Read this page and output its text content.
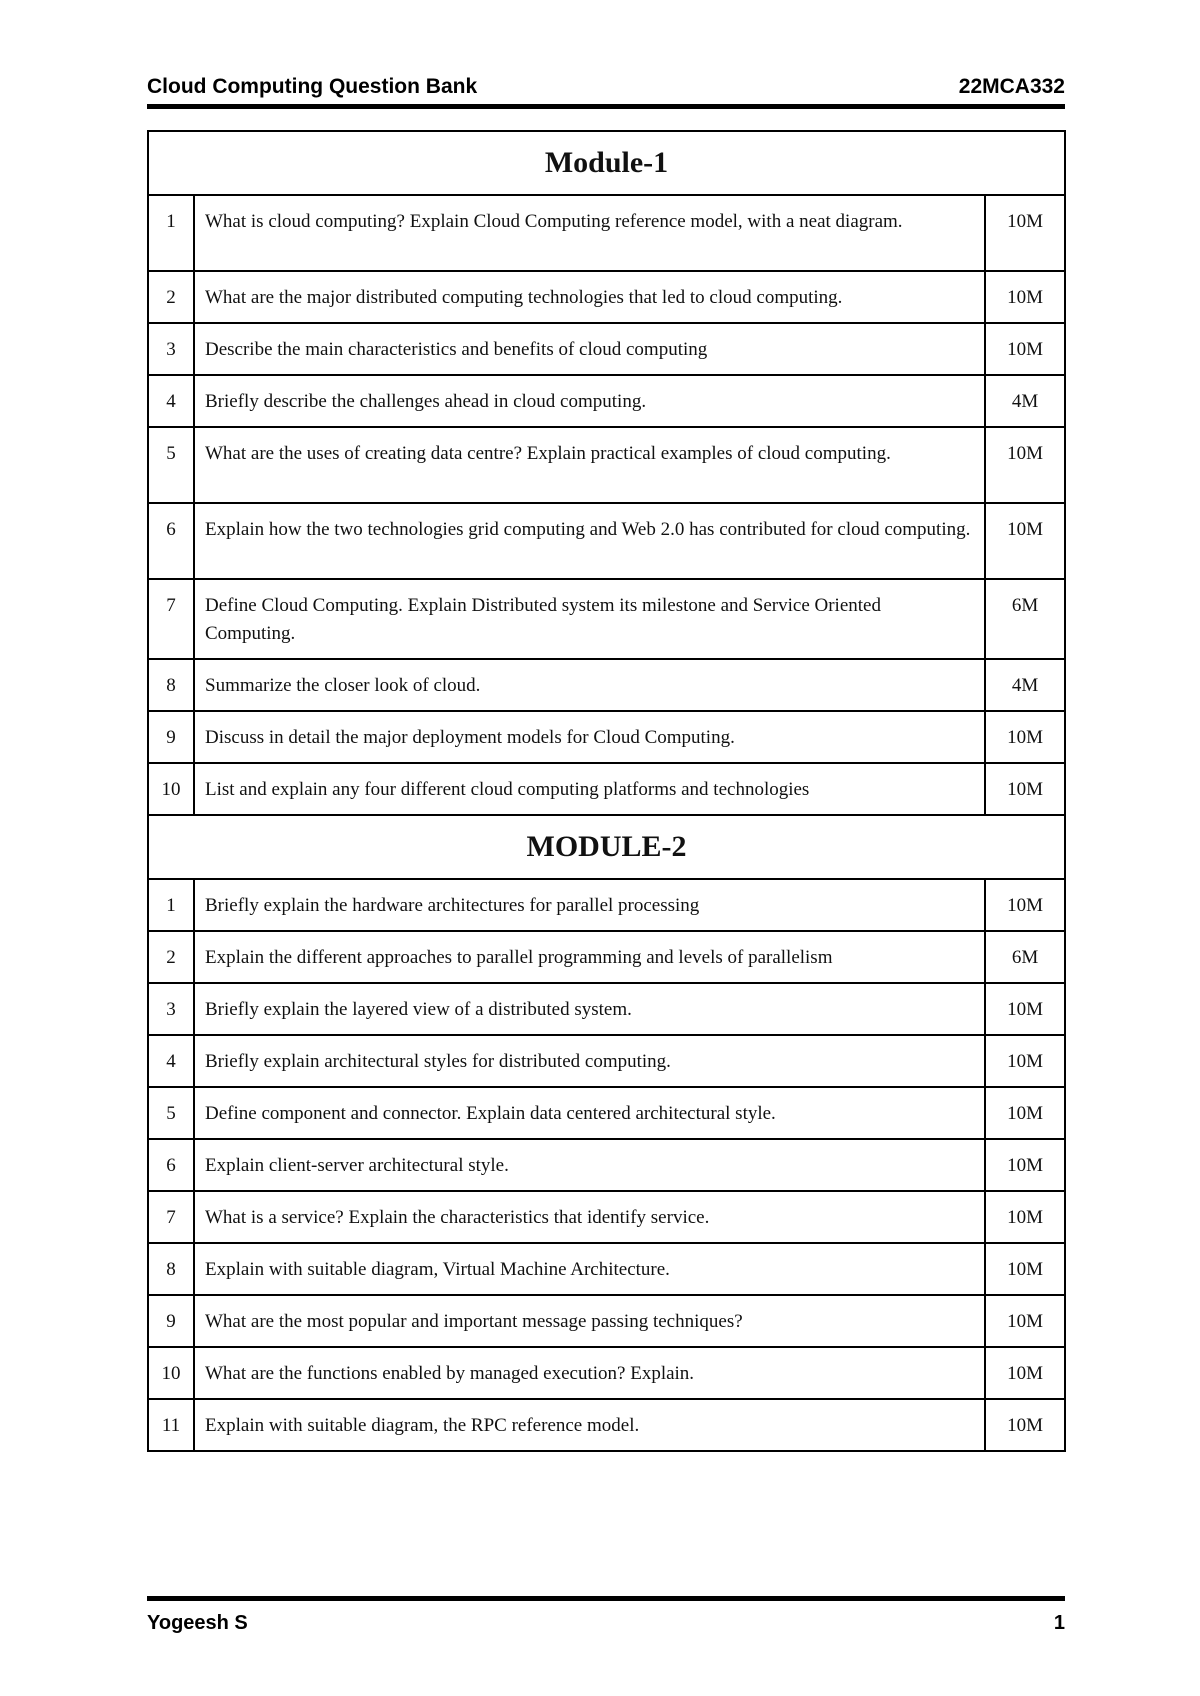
Cloud Computing Question Bank	22MCA332
Module-1		
1	What is cloud computing? Explain Cloud Computing reference model, with a neat diagram.	10M
2	What are the major distributed computing technologies that led to cloud computing.	10M
3	Describe the main characteristics and benefits of cloud computing	10M
4	Briefly describe the challenges ahead in cloud computing.	4M
5	What are the uses of creating data centre? Explain practical examples of cloud computing.	10M
6	Explain how the two technologies grid computing and Web 2.0 has contributed for cloud computing.	10M
7	Define Cloud Computing. Explain Distributed system its milestone and Service Oriented Computing.	6M
8	Summarize the closer look of cloud.	4M
9	Discuss in detail the major deployment models for Cloud Computing.	10M
10	List and explain any four different cloud computing platforms and technologies	10M
MODULE-2		
1	Briefly explain the hardware architectures for parallel processing	10M
2	Explain the different approaches to parallel programming and levels of parallelism	6M
3	Briefly explain the layered view of a distributed system.	10M
4	Briefly explain architectural styles for distributed computing.	10M
5	Define component and connector. Explain data centered architectural style.	10M
6	Explain client-server architectural style.	10M
7	What is a service? Explain the characteristics that identify service.	10M
8	Explain with suitable diagram, Virtual Machine Architecture.	10M
9	What are the most popular and important message passing techniques?	10M
10	What are the functions enabled by managed execution? Explain.	10M
11	Explain with suitable diagram, the RPC reference model.	10M
Yogeesh S	1
